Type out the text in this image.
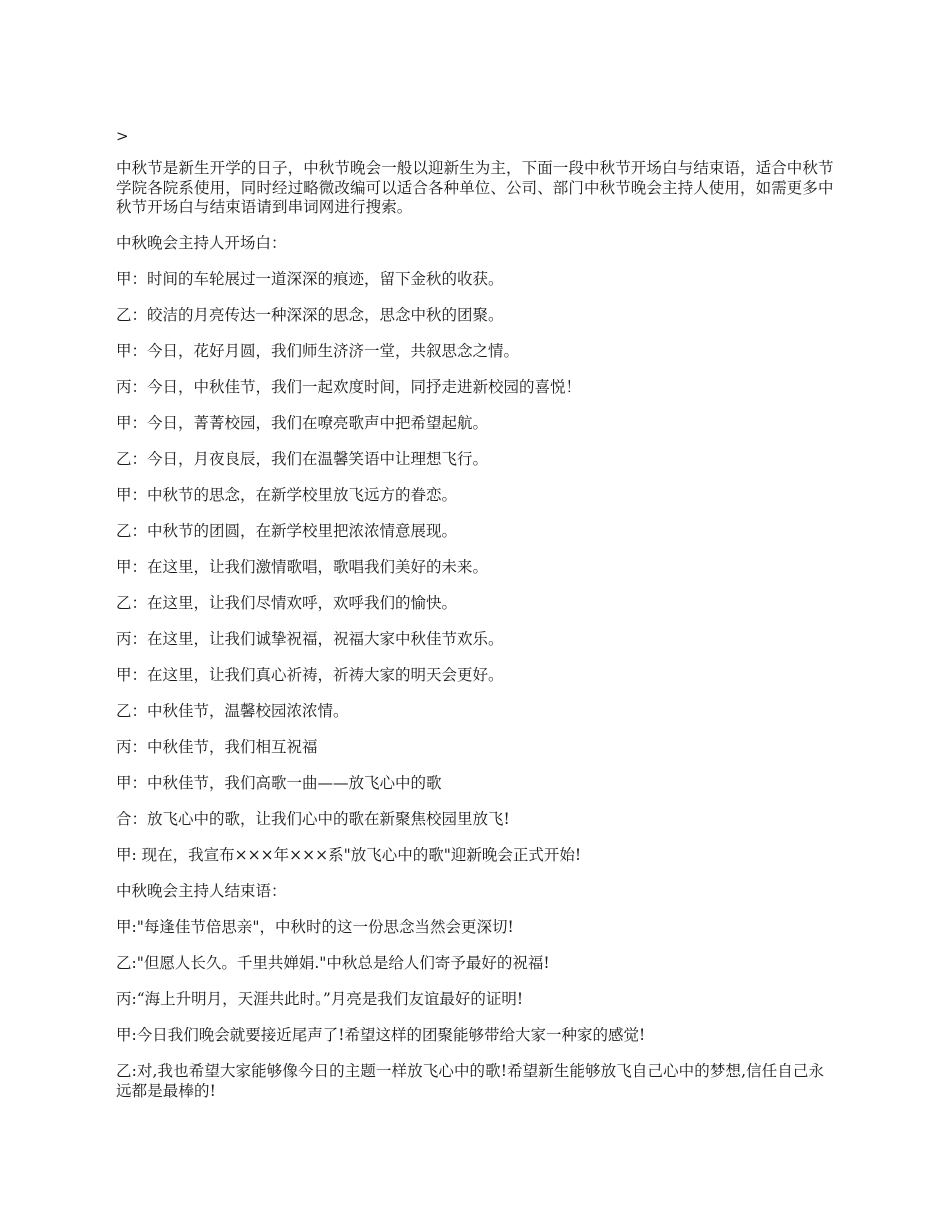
>

中秋节是新生开学的日子，中秋节晚会一般以迎新生为主，下面一段中秋节开场白与结束语，适合中秋节学院各院系使用，同时经过略微改编可以适合各种单位、公司、部门中秋节晚会主持人使用，如需更多中秋节开场白与结束语请到串词网进行搜索。

中秋晚会主持人开场白：

甲：时间的车轮展过一道深深的痕迹，留下金秋的收获。

乙：皎洁的月亮传达一种深深的思念，思念中秋的团聚。

甲：今日，花好月圆，我们师生济济一堂，共叙思念之情。

丙：今日，中秋佳节，我们一起欢度时间，同抒走进新校园的喜悦！

甲：今日，菁菁校园，我们在嘹亮歌声中把希望起航。

乙：今日，月夜良辰，我们在温馨笑语中让理想飞行。

甲：中秋节的思念，在新学校里放飞远方的眷恋。

乙：中秋节的团圆，在新学校里把浓浓情意展现。

甲：在这里，让我们激情歌唱，歌唱我们美好的未来。

乙：在这里，让我们尽情欢呼，欢呼我们的愉快。

丙：在这里，让我们诚挚祝福，祝福大家中秋佳节欢乐。

甲：在这里，让我们真心祈祷，祈祷大家的明天会更好。

乙：中秋佳节，温馨校园浓浓情。

丙：中秋佳节，我们相互祝福

甲：中秋佳节，我们高歌一曲——放飞心中的歌

合：放飞心中的歌，让我们心中的歌在新聚焦校园里放飞!

甲: 现在，我宣布×××年×××系"放飞心中的歌"迎新晚会正式开始!

中秋晚会主持人结束语：

甲:"每逢佳节倍思亲"，中秋时的这一份思念当然会更深切!

乙:"但愿人长久。千里共婵娟."中秋总是给人们寄予最好的祝福!

丙:“海上升明月，天涯共此时。”月亮是我们友谊最好的证明!

甲:今日我们晚会就要接近尾声了!希望这样的团聚能够带给大家一种家的感觉!

乙:对,我也希望大家能够像今日的主题一样放飞心中的歌!希望新生能够放飞自己心中的梦想,信任自己永远都是最棒的!
